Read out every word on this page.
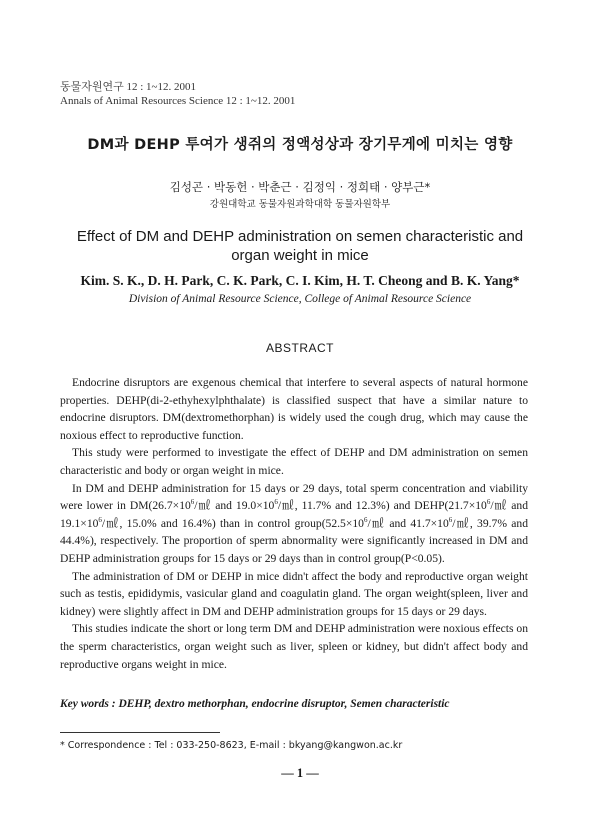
동물자원연구 12 : 1~12. 2001
Annals of Animal Resources Science 12 : 1~12. 2001
DM과 DEHP 투여가 생쥐의 정액성상과 장기무게에 미치는 영향
김성곤 · 박동헌 · 박춘근 · 김정익 · 정희태 · 양부근*
강원대학교 동물자원과학대학 동물자원학부
Effect of DM and DEHP administration on semen characteristic and organ weight in mice
Kim. S. K., D. H. Park, C. K. Park, C. I. Kim, H. T. Cheong and B. K. Yang*
Division of Animal Resource Science, College of Animal Resource Science
ABSTRACT

Endocrine disruptors are exgenous chemical that interfere to several aspects of natural hormone properties. DEHP(di-2-ethyhexylphthalate) is classified suspect that have a similar nature to endocrine disruptors. DM(dextromethorphan) is widely used the cough drug, which may cause the noxious effect to reproductive function.

This study were performed to investigate the effect of DEHP and DM administration on semen characteristic and body or organ weight in mice.

In DM and DEHP administration for 15 days or 29 days, total sperm concentration and viability were lower in $DM(26.7\times 10^6/㎖$ and $19.0\times 10^6/㎖$, 11.7% and 12.3%) and $DEHP(21.7\times 10^6/㎖$ and $19.1\times 10^6/㎖$, 15.0% and 16.4%) than in control $group(52.5\times 10^6/㎖$ and $41.7\times 10^6/㎖$, 39.7% and 44.4%), respectively. The proportion of sperm abnormality were significantly increased in DM and DEHP administration groups for 15 days or 29 days than in control group(P<0.05).

The administration of DM or DEHP in mice didn't affect the body and reproductive organ weight such as testis, epididymis, vasicular gland and coagulatin gland. The organ weight(spleen, liver and kidney) were slightly affect in DM and DEHP administration groups for 15 days or 29 days.

This studies indicate the short or long term DM and DEHP administration were noxious effects on the sperm characteristics, organ weight such as liver, spleen or kidney, but didn't affect body and reproductive organs weight in mice.

Key words : DEHP, dextro methorphan, endocrine disruptor, Semen characteristic
* Correspondence : Tel : 033-250-8623, E-mail : bkyang@kangwon.ac.kr
— 1 —
